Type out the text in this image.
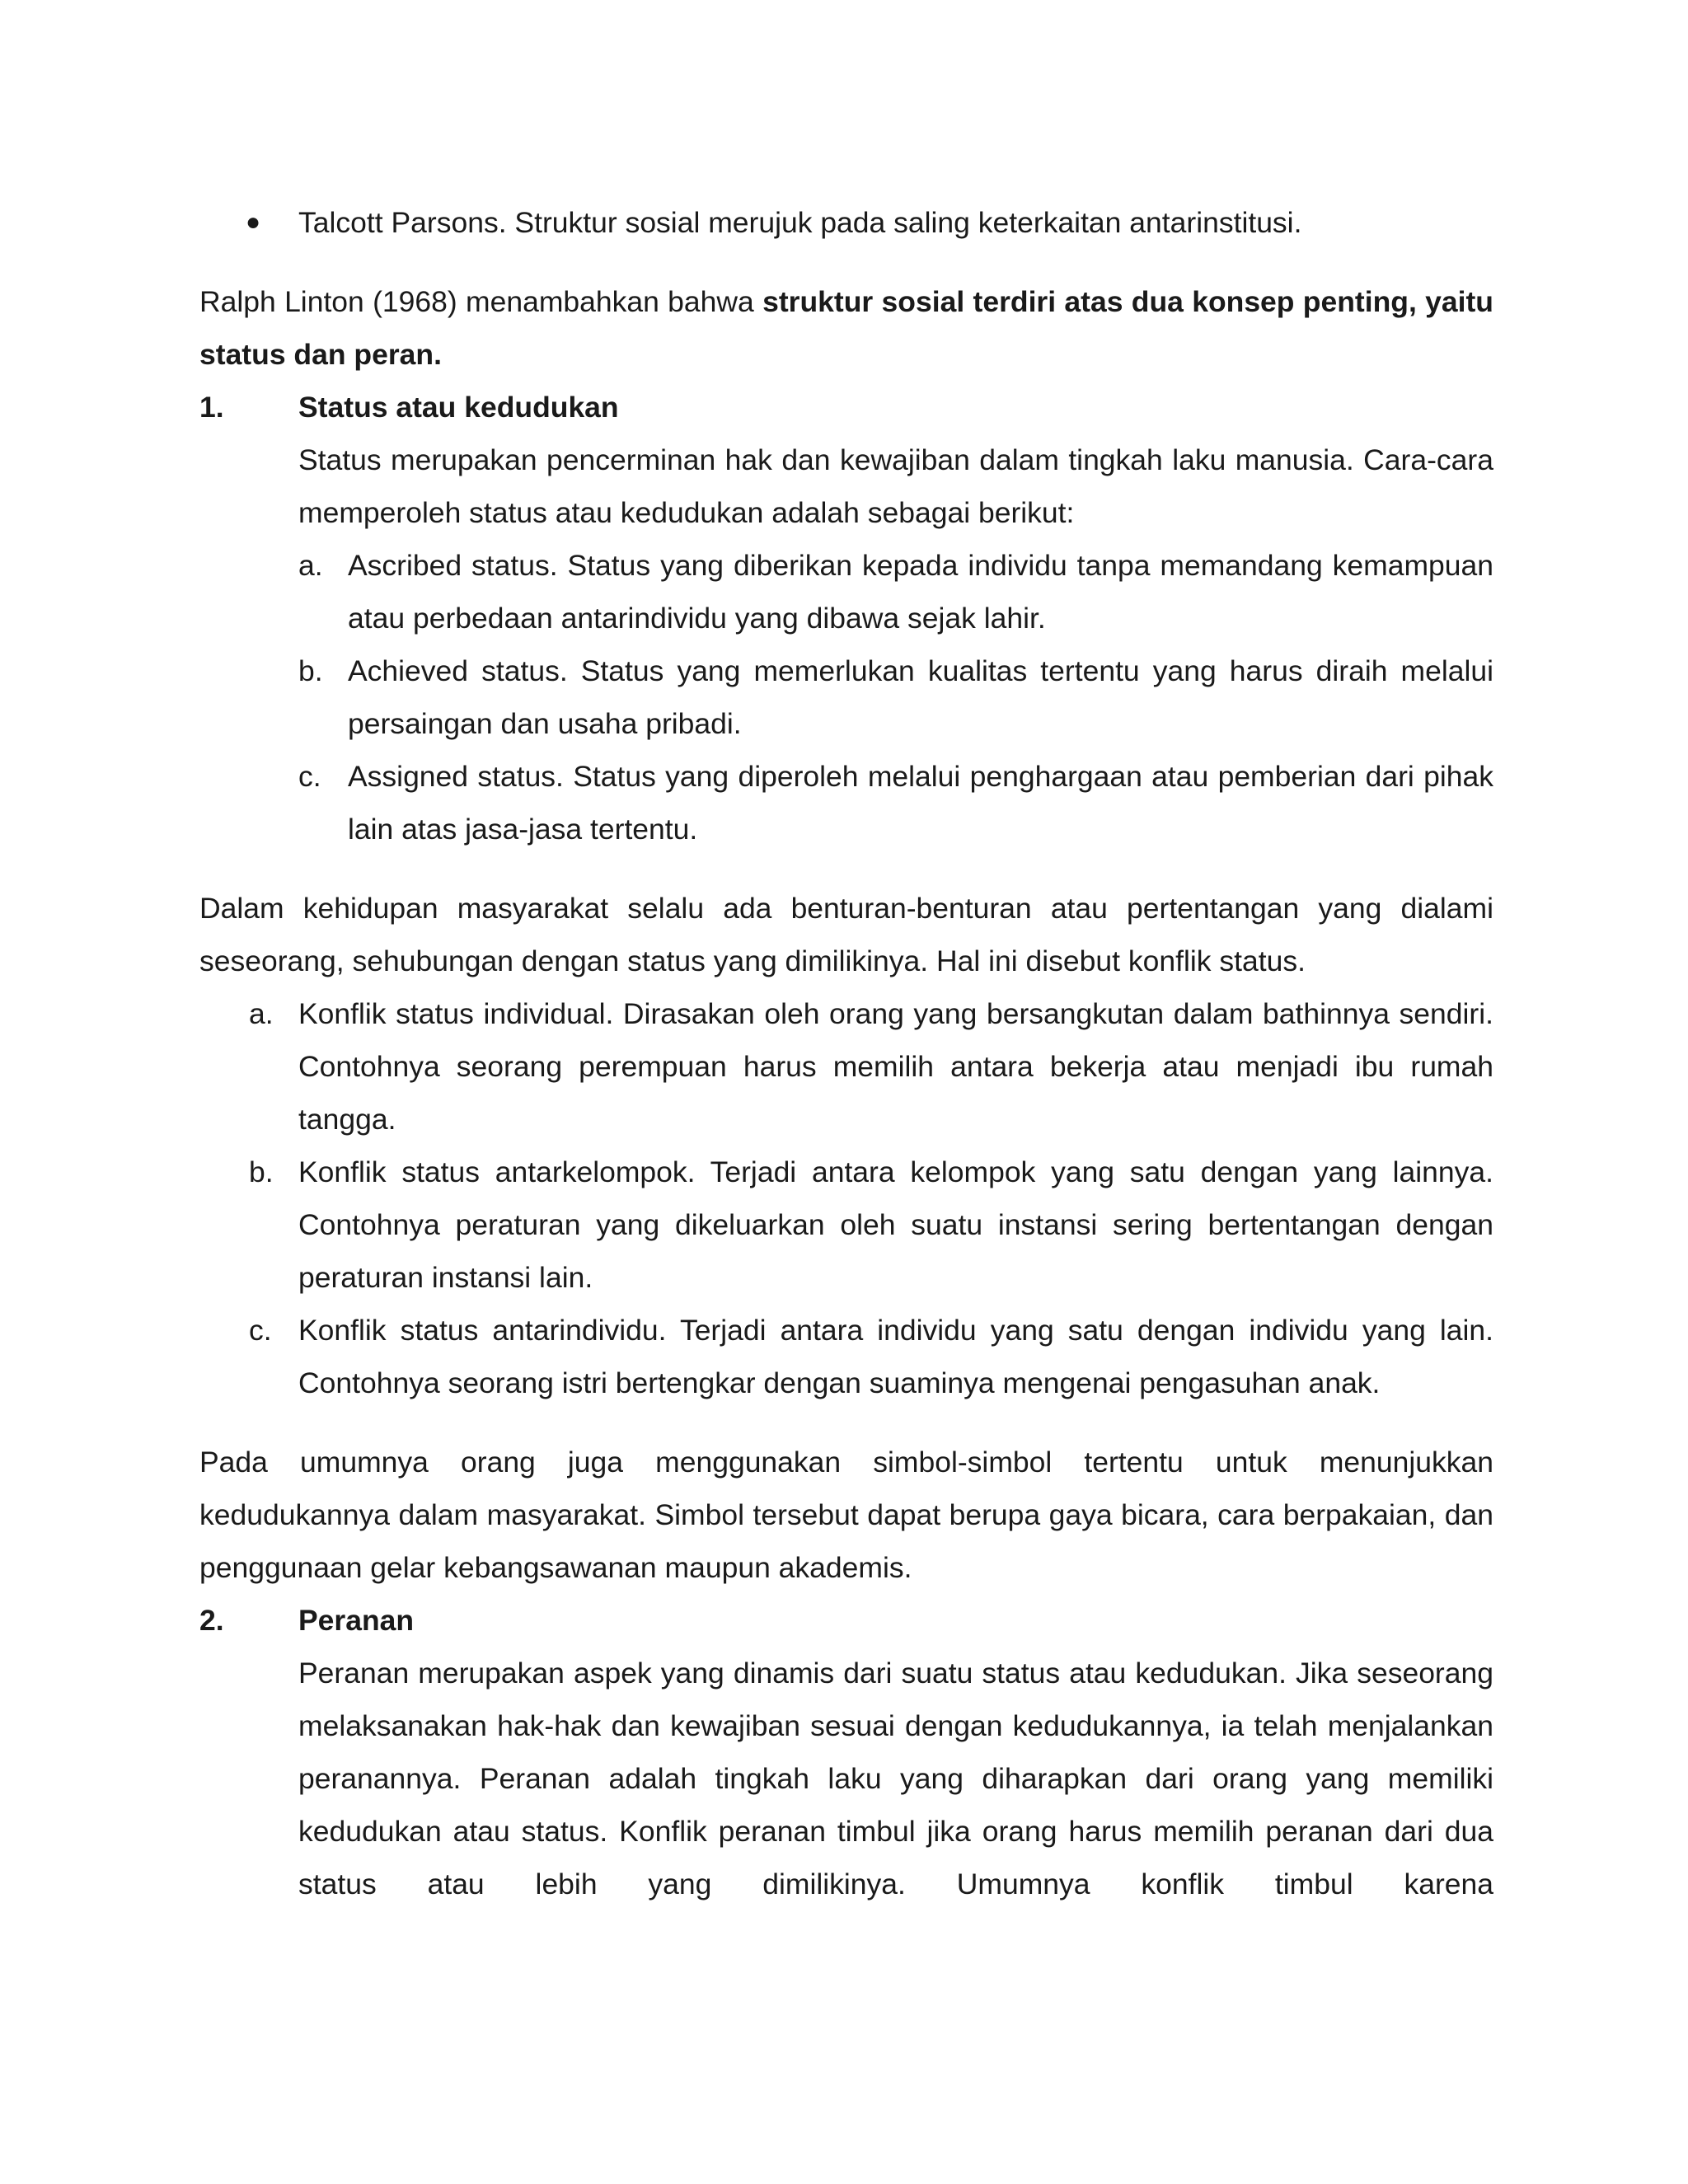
● Talcott Parsons. Struktur sosial merujuk pada saling keterkaitan antarinstitusi.
Ralph Linton (1968) menambahkan bahwa struktur sosial terdiri atas dua konsep penting, yaitu status dan peran.
1.	Status atau kedudukan
Status merupakan pencerminan hak dan kewajiban dalam tingkah laku manusia. Cara-cara memperoleh status atau kedudukan adalah sebagai berikut:
a. Ascribed status. Status yang diberikan kepada individu tanpa memandang kemampuan atau perbedaan antarindividu yang dibawa sejak lahir.
b. Achieved status. Status yang memerlukan kualitas tertentu yang harus diraih melalui persaingan dan usaha pribadi.
c. Assigned status. Status yang diperoleh melalui penghargaan atau pemberian dari pihak lain atas jasa-jasa tertentu.
Dalam kehidupan masyarakat selalu ada benturan-benturan atau pertentangan yang dialami seseorang, sehubungan dengan status yang dimilikinya. Hal ini disebut konflik status.
a. Konflik status individual. Dirasakan oleh orang yang bersangkutan dalam bathinnya sendiri. Contohnya seorang perempuan harus memilih antara bekerja atau menjadi ibu rumah tangga.
b. Konflik status antarkelompok. Terjadi antara kelompok yang satu dengan yang lainnya. Contohnya peraturan yang dikeluarkan oleh suatu instansi sering bertentangan dengan peraturan instansi lain.
c. Konflik status antarindividu. Terjadi antara individu yang satu dengan individu yang lain. Contohnya seorang istri bertengkar dengan suaminya mengenai pengasuhan anak.
Pada umumnya orang juga menggunakan simbol-simbol tertentu untuk menunjukkan kedudukannya dalam masyarakat. Simbol tersebut dapat berupa gaya bicara, cara berpakaian, dan penggunaan gelar kebangsawanan maupun akademis.
2.	Peranan
Peranan merupakan aspek yang dinamis dari suatu status atau kedudukan. Jika seseorang melaksanakan hak-hak dan kewajiban sesuai dengan kedudukannya, ia telah menjalankan peranannya. Peranan adalah tingkah laku yang diharapkan dari orang yang memiliki kedudukan atau status. Konflik peranan timbul jika orang harus memilih peranan dari dua status atau lebih yang dimilikinya. Umumnya konflik timbul karena
